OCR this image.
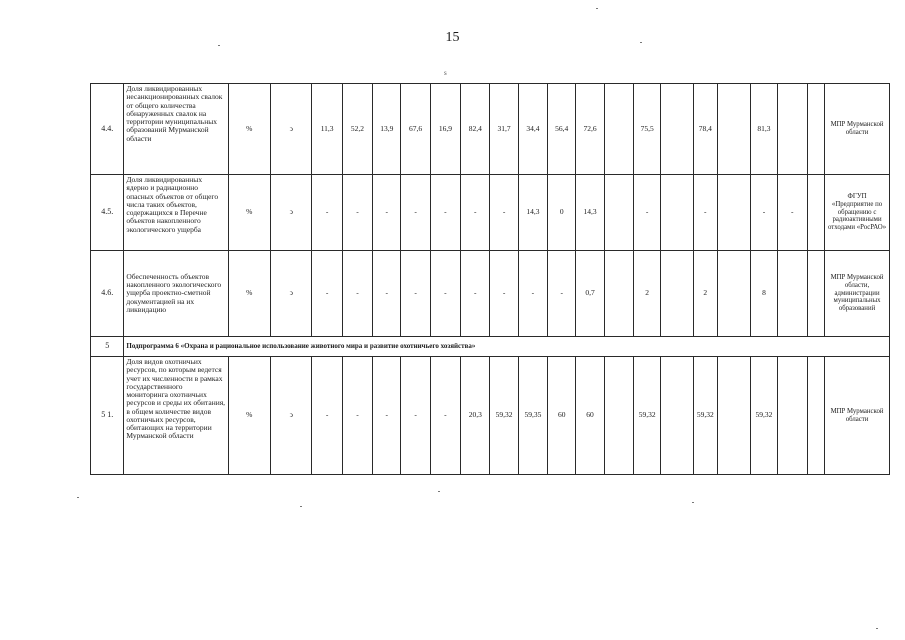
15
s
4.4.	Доля ликвидированных несанкционированных свалок от общего количества обнаруженных свалок на территории муниципальных образований Мурманской области	%	ↄ	11,3	52,2	13,9	67,6	16,9	82,4	31,7	34,4	56,4	72,6		75,5		78,4		81,3			МПР Мурманской области
4.5.	Доля ликвидированных ядерно и радиационно опасных объектов от общего числа таких объектов, содержащихся в Перечне объектов накопленного экологического ущерба	%	ↄ	-	-	-	-	-	-	-	14,3	0	14,3		-		-		-	-		ФГУП «Предприятие по обращению с радиоактивными отходами «РосРАО»
4.6.	Обеспеченность объектов накопленного экологического ущерба проектно-сметной документацией на их ликвидацию	%	ↄ	-	-	-	-	-	-	-	-	-	0,7		2		2		8			МПР Мурманской области, администрации муниципальных образований
5	Подпрограмма 6 «Охрана и рациональное использование животного мира и развитие охотничьего хозяйства»																					
5 1.	Доля видов охотничьих ресурсов, по которым ведется учет их численности в рамках государственного мониторинга охотничьих ресурсов и среды их обитания, в общем количестве видов охотничьих ресурсов, обитающих на территории Мурманской области	%	ↄ	-	-	-	-	-	20,3	59,32	59,35	60	60		59,32		59,32		59,32			МПР Мурманской области
